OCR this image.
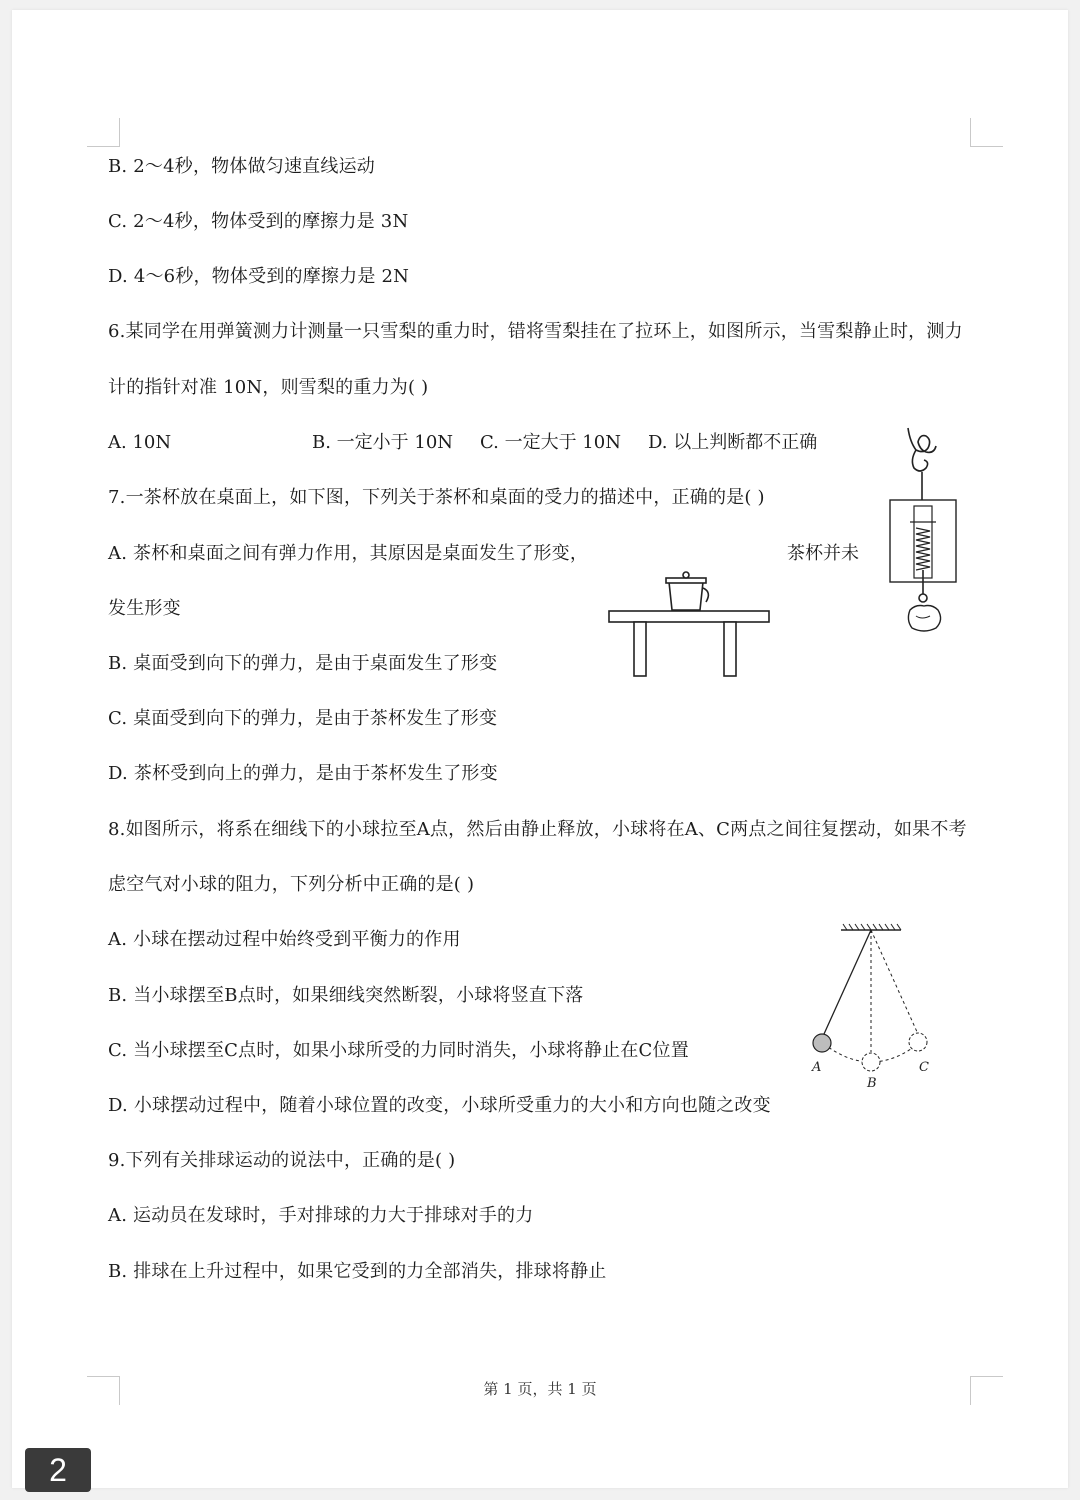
B. 2～4秒，物体做匀速直线运动
C. 2～4秒，物体受到的摩擦力是 3N
D. 4～6秒，物体受到的摩擦力是 2N
6.某同学在用弹簧测力计测量一只雪梨的重力时，错将雪梨挂在了拉环上，如图所示，当雪梨静止时，测力
计的指针对准 10N，则雪梨的重力为( )
A. 10N	B. 一定小于 10N C. 一定大于 10N D. 以上判断都不正确
7.一茶杯放在桌面上，如下图，下列关于茶杯和桌面的受力的描述中，正确的是( )
A. 茶杯和桌面之间有弹力作用，其原因是桌面发生了形变，	茶杯并未
发生形变
B. 桌面受到向下的弹力，是由于桌面发生了形变
C. 桌面受到向下的弹力，是由于茶杯发生了形变
D. 茶杯受到向上的弹力，是由于茶杯发生了形变
8.如图所示，将系在细线下的小球拉至A点，然后由静止释放，小球将在A、C两点之间往复摆动，如果不考
虑空气对小球的阻力，下列分析中正确的是( )
A. 小球在摆动过程中始终受到平衡力的作用
B. 当小球摆至B点时，如果细线突然断裂，小球将竖直下落
C. 当小球摆至C点时，如果小球所受的力同时消失，小球将静止在C位置
D. 小球摆动过程中，随着小球位置的改变，小球所受重力的大小和方向也随之改变
9.下列有关排球运动的说法中，正确的是( )
A. 运动员在发球时，手对排球的力大于排球对手的力
B. 排球在上升过程中，如果它受到的力全部消失，排球将静止
A
B
C
第 1 页，共 1 页
2
